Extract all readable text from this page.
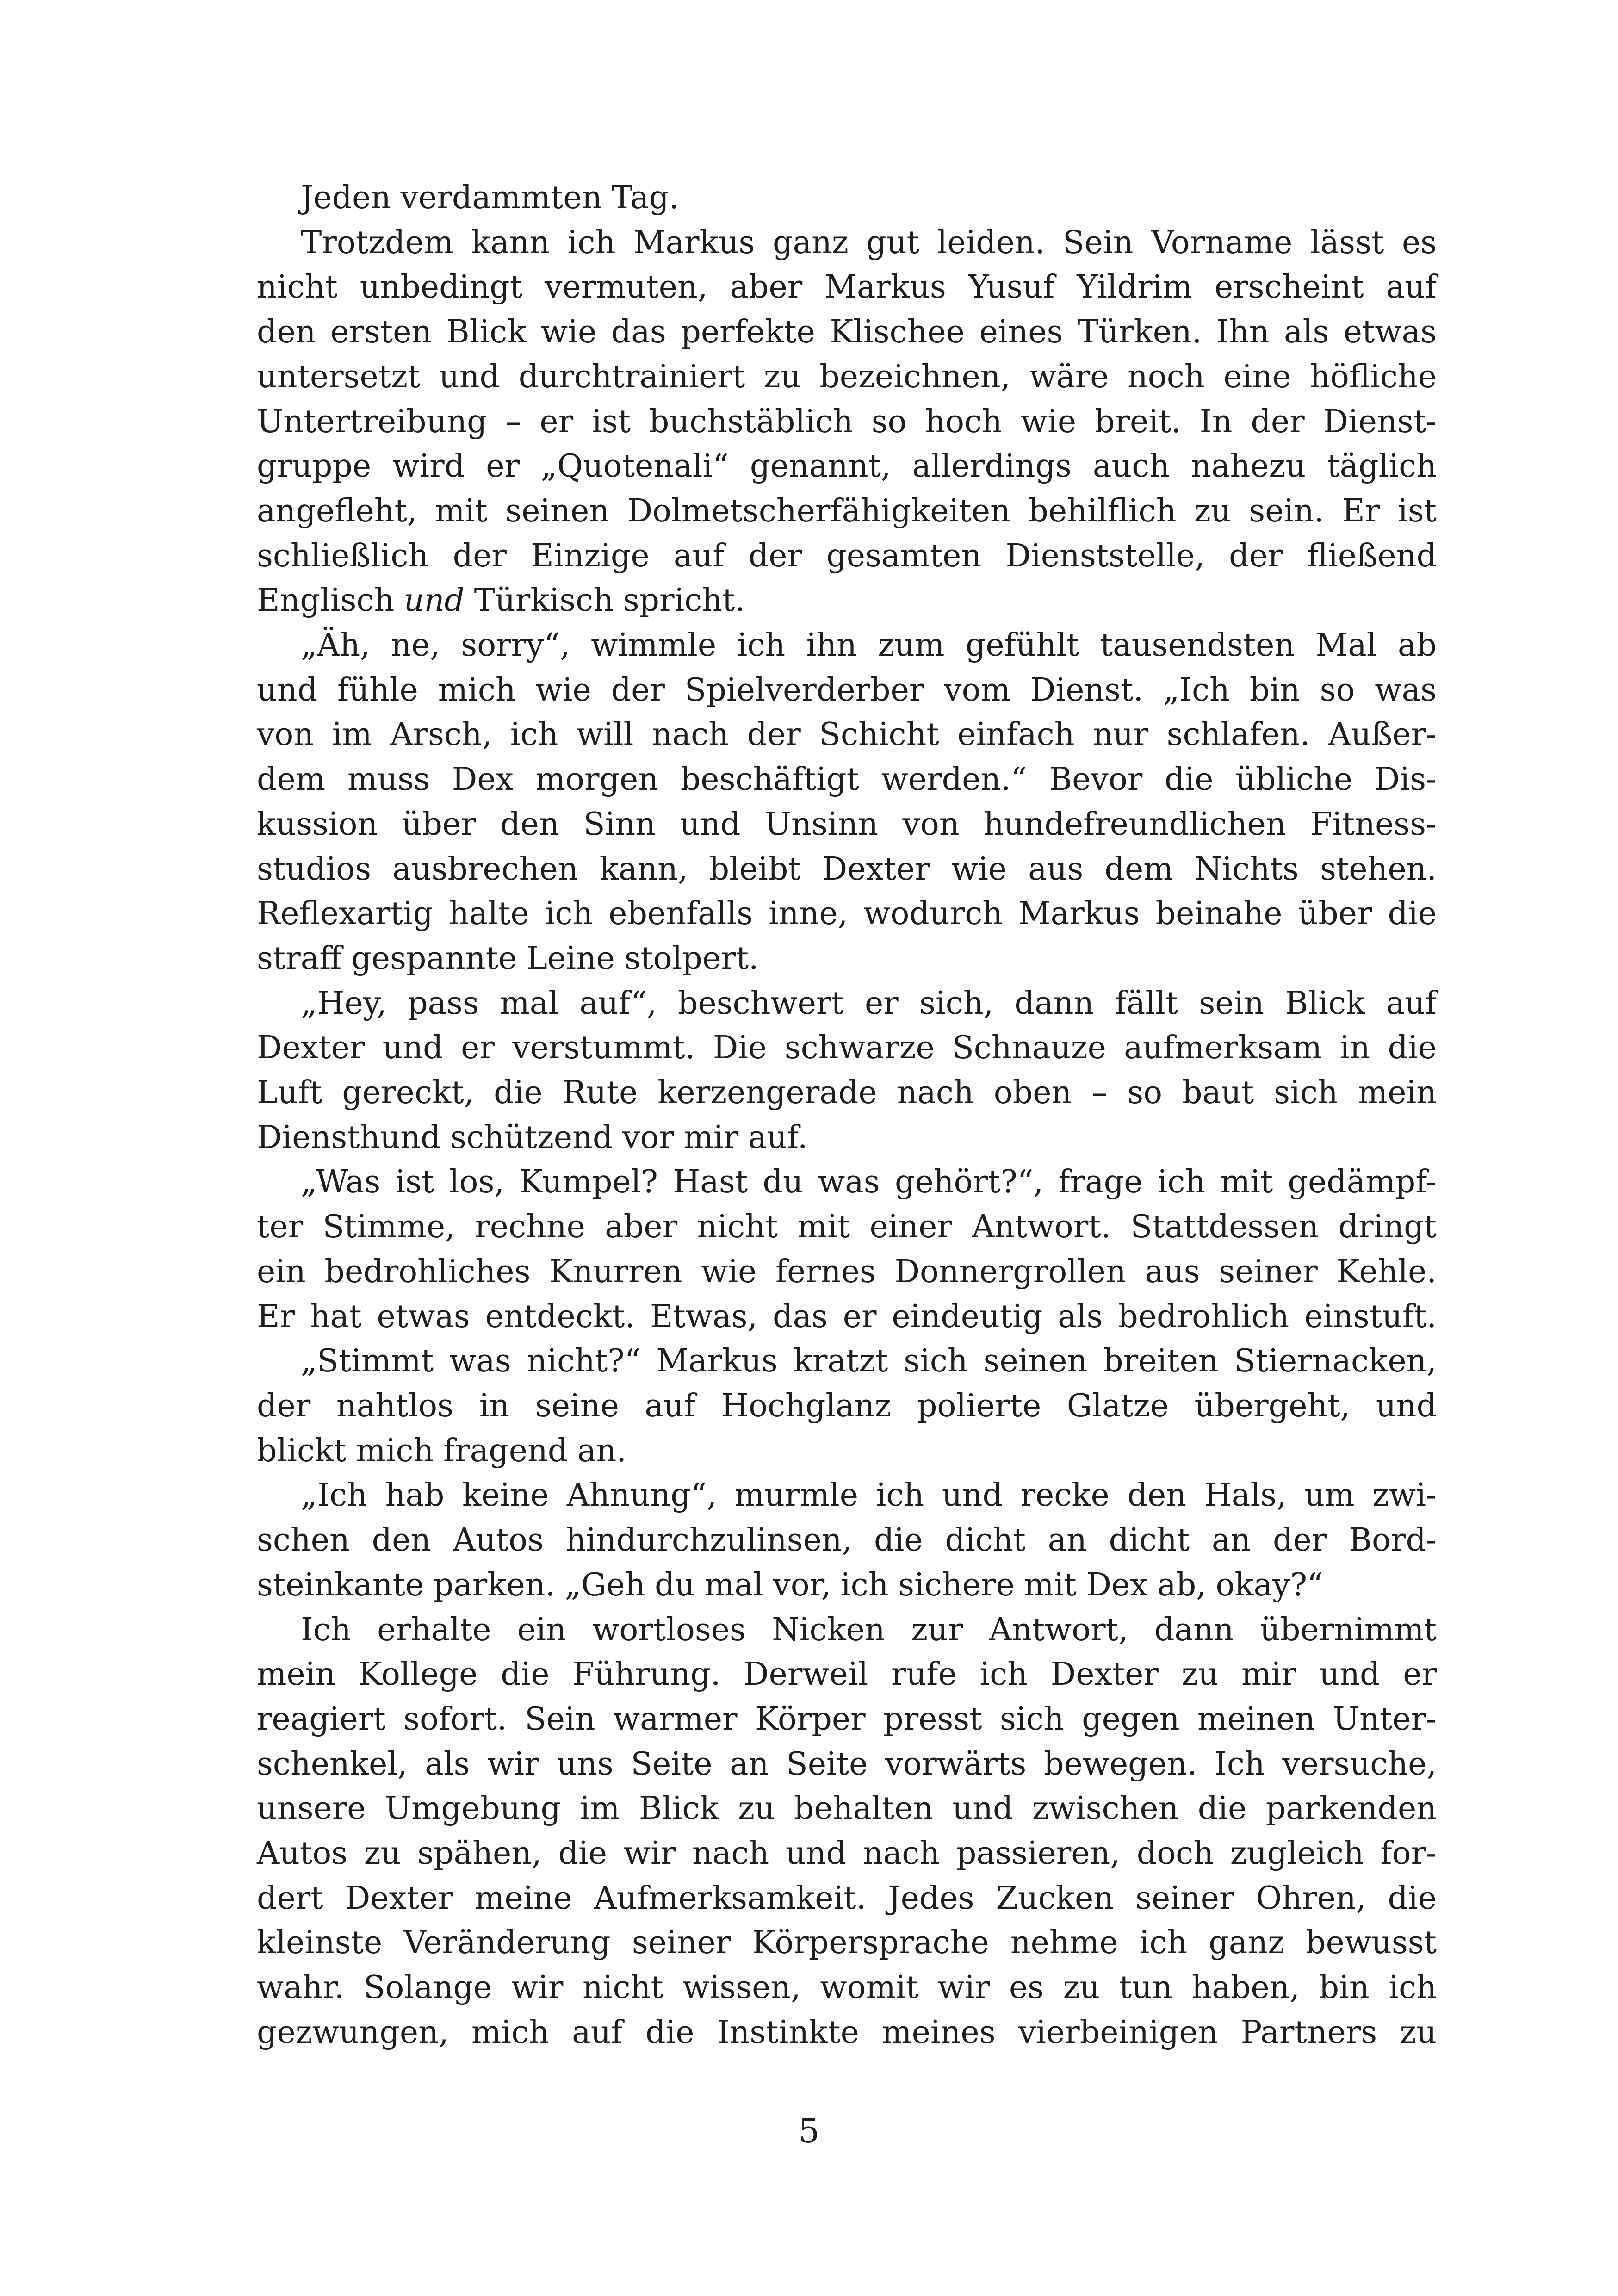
Jeden verdammten Tag.
Trotzdem kann ich Markus ganz gut leiden. Sein Vorname lässt es
nicht unbedingt vermuten, aber Markus Yusuf Yildrim erscheint auf
den ersten Blick wie das perfekte Klischee eines Türken. Ihn als etwas
untersetzt und durchtrainiert zu bezeichnen, wäre noch eine höfliche
Untertreibung – er ist buchstäblich so hoch wie breit. In der Dienst-
gruppe wird er „Quotenali“ genannt, allerdings auch nahezu täglich
angefleht, mit seinen Dolmetscherfähigkeiten behilflich zu sein. Er ist
schließlich der Einzige auf der gesamten Dienststelle, der fließend
Englisch und Türkisch spricht.
„Äh, ne, sorry“, wimmle ich ihn zum gefühlt tausendsten Mal ab
und fühle mich wie der Spielverderber vom Dienst. „Ich bin so was
von im Arsch, ich will nach der Schicht einfach nur schlafen. Außer-
dem muss Dex morgen beschäftigt werden.“ Bevor die übliche Dis-
kussion über den Sinn und Unsinn von hundefreundlichen Fitness-
studios ausbrechen kann, bleibt Dexter wie aus dem Nichts stehen.
Reflexartig halte ich ebenfalls inne, wodurch Markus beinahe über die
straff gespannte Leine stolpert.
„Hey, pass mal auf“, beschwert er sich, dann fällt sein Blick auf
Dexter und er verstummt. Die schwarze Schnauze aufmerksam in die
Luft gereckt, die Rute kerzengerade nach oben – so baut sich mein
Diensthund schützend vor mir auf.
„Was ist los, Kumpel? Hast du was gehört?“, frage ich mit gedämpf-
ter Stimme, rechne aber nicht mit einer Antwort. Stattdessen dringt
ein bedrohliches Knurren wie fernes Donnergrollen aus seiner Kehle.
Er hat etwas entdeckt. Etwas, das er eindeutig als bedrohlich einstuft.
„Stimmt was nicht?“ Markus kratzt sich seinen breiten Stiernacken,
der nahtlos in seine auf Hochglanz polierte Glatze übergeht, und
blickt mich fragend an.
„Ich hab keine Ahnung“, murmle ich und recke den Hals, um zwi-
schen den Autos hindurchzulinsen, die dicht an dicht an der Bord-
steinkante parken. „Geh du mal vor, ich sichere mit Dex ab, okay?“
Ich erhalte ein wortloses Nicken zur Antwort, dann übernimmt
mein Kollege die Führung. Derweil rufe ich Dexter zu mir und er
reagiert sofort. Sein warmer Körper presst sich gegen meinen Unter-
schenkel, als wir uns Seite an Seite vorwärts bewegen. Ich versuche,
unsere Umgebung im Blick zu behalten und zwischen die parkenden
Autos zu spähen, die wir nach und nach passieren, doch zugleich for-
dert Dexter meine Aufmerksamkeit. Jedes Zucken seiner Ohren, die
kleinste Veränderung seiner Körpersprache nehme ich ganz bewusst
wahr. Solange wir nicht wissen, womit wir es zu tun haben, bin ich
gezwungen, mich auf die Instinkte meines vierbeinigen Partners zu
5
